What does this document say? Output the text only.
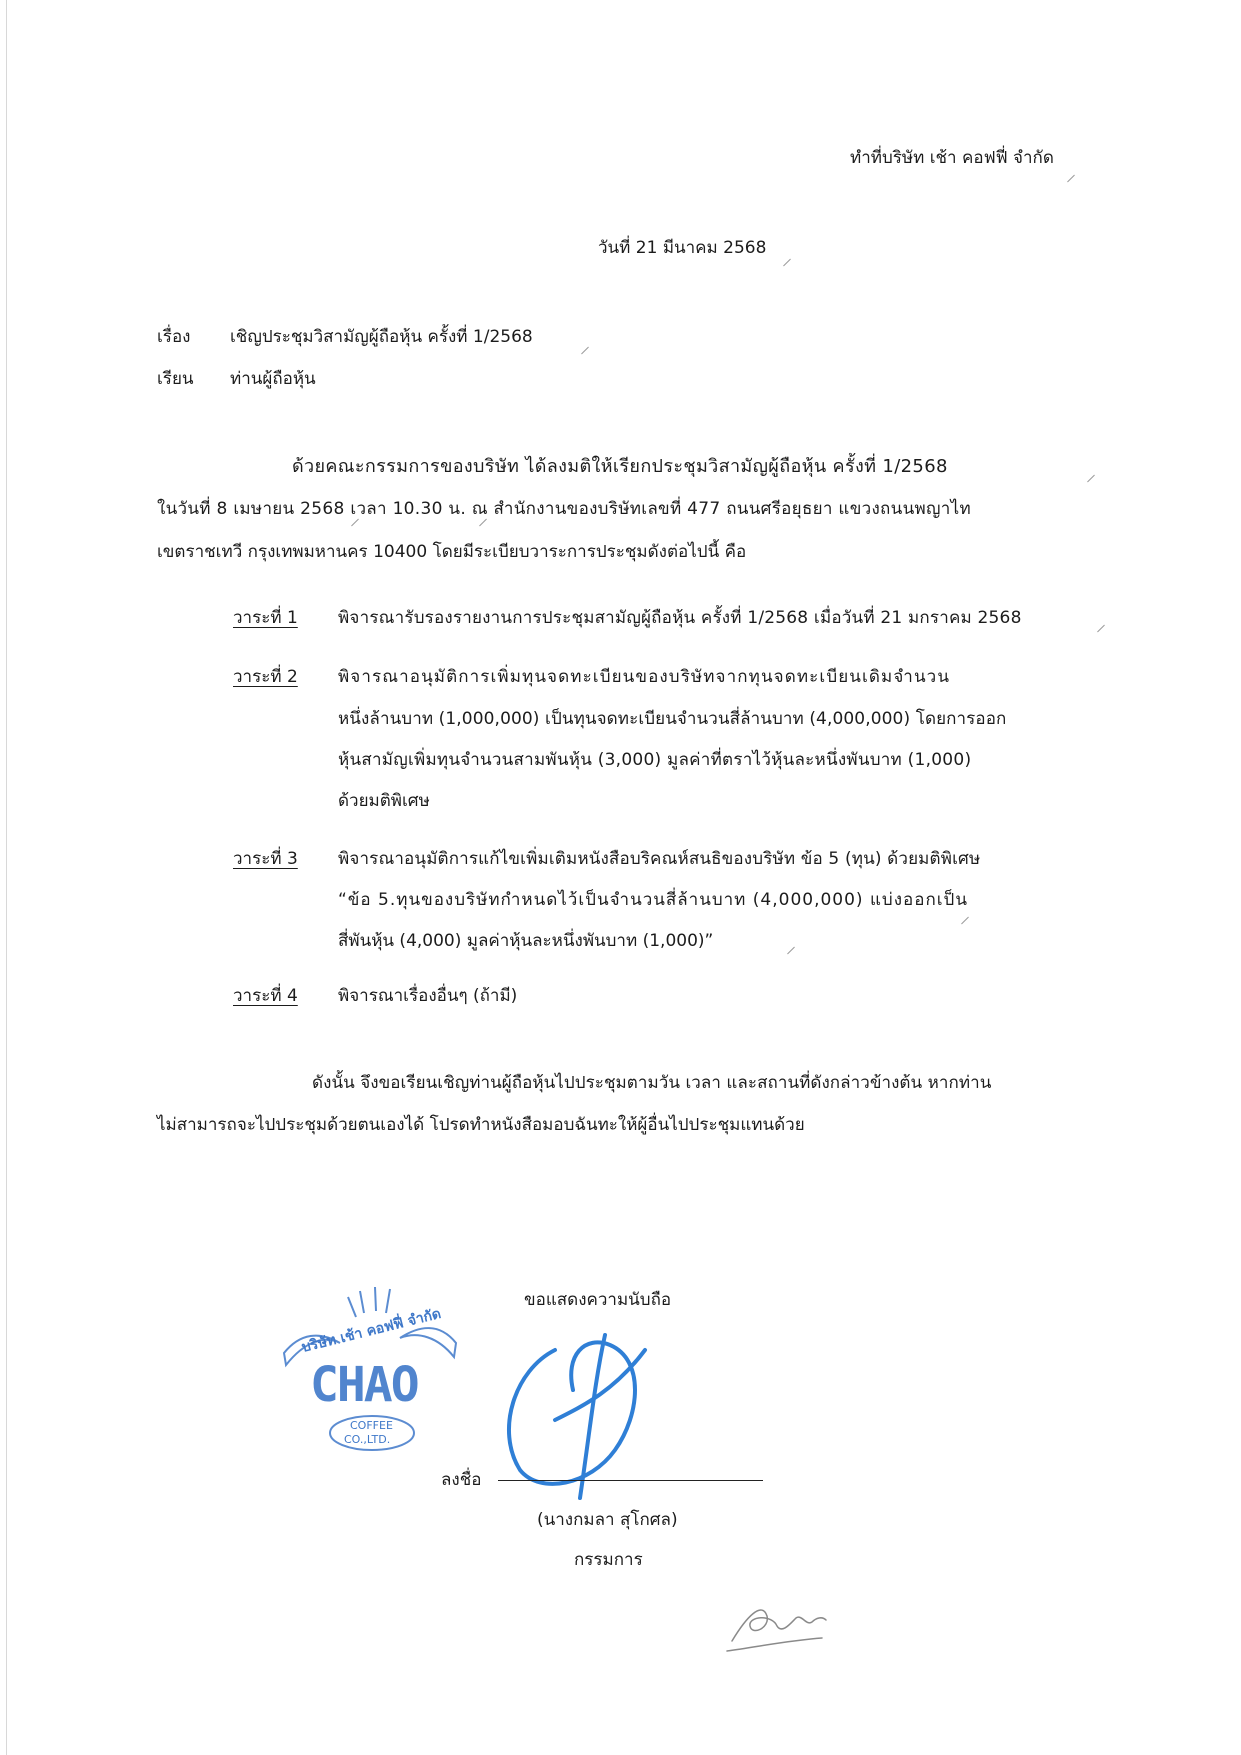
ทำที่บริษัท เช้า คอฟฟี่ จำกัด
วันที่ 21 มีนาคม 2568
เรื่อง เชิญประชุมวิสามัญผู้ถือหุ้น ครั้งที่ 1/2568
เรียน ท่านผู้ถือหุ้น
ด้วยคณะกรรมการของบริษัท ได้ลงมติให้เรียกประชุมวิสามัญผู้ถือหุ้น ครั้งที่ 1/2568
ในวันที่ 8 เมษายน 2568 เวลา 10.30 น. ณ สำนักงานของบริษัทเลขที่ 477 ถนนศรีอยุธยา แขวงถนนพญาไท
เขตราชเทวี กรุงเทพมหานคร 10400 โดยมีระเบียบวาระการประชุมดังต่อไปนี้ คือ
วาระที่ 1 พิจารณารับรองรายงานการประชุมสามัญผู้ถือหุ้น ครั้งที่ 1/2568 เมื่อวันที่ 21 มกราคม 2568
วาระที่ 2 พิจารณาอนุมัติการเพิ่มทุนจดทะเบียนของบริษัทจากทุนจดทะเบียนเดิมจำนวน
หนึ่งล้านบาท (1,000,000) เป็นทุนจดทะเบียนจำนวนสี่ล้านบาท (4,000,000) โดยการออก
หุ้นสามัญเพิ่มทุนจำนวนสามพันหุ้น (3,000) มูลค่าที่ตราไว้หุ้นละหนึ่งพันบาท (1,000)
ด้วยมติพิเศษ
วาระที่ 3 พิจารณาอนุมัติการแก้ไขเพิ่มเติมหนังสือบริคณห์สนธิของบริษัท ข้อ 5 (ทุน) ด้วยมติพิเศษ
“ข้อ 5.ทุนของบริษัทกำหนดไว้เป็นจำนวนสี่ล้านบาท (4,000,000) แบ่งออกเป็น
สี่พันหุ้น (4,000) มูลค่าหุ้นละหนึ่งพันบาท (1,000)”
วาระที่ 4 พิจารณาเรื่องอื่นๆ (ถ้ามี)
ดังนั้น จึงขอเรียนเชิญท่านผู้ถือหุ้นไปประชุมตามวัน เวลา และสถานที่ดังกล่าวข้างต้น หากท่าน
ไม่สามารถจะไปประชุมด้วยตนเองได้ โปรดทำหนังสือมอบฉันทะให้ผู้อื่นไปประชุมแทนด้วย
ขอแสดงความนับถือ
บริษัท เช้า คอฟฟี่ จำกัด
CHAO
COFFEE
CO.,LTD.
ลงชื่อ
(นางกมลา สุโกศล)
กรรมการ
